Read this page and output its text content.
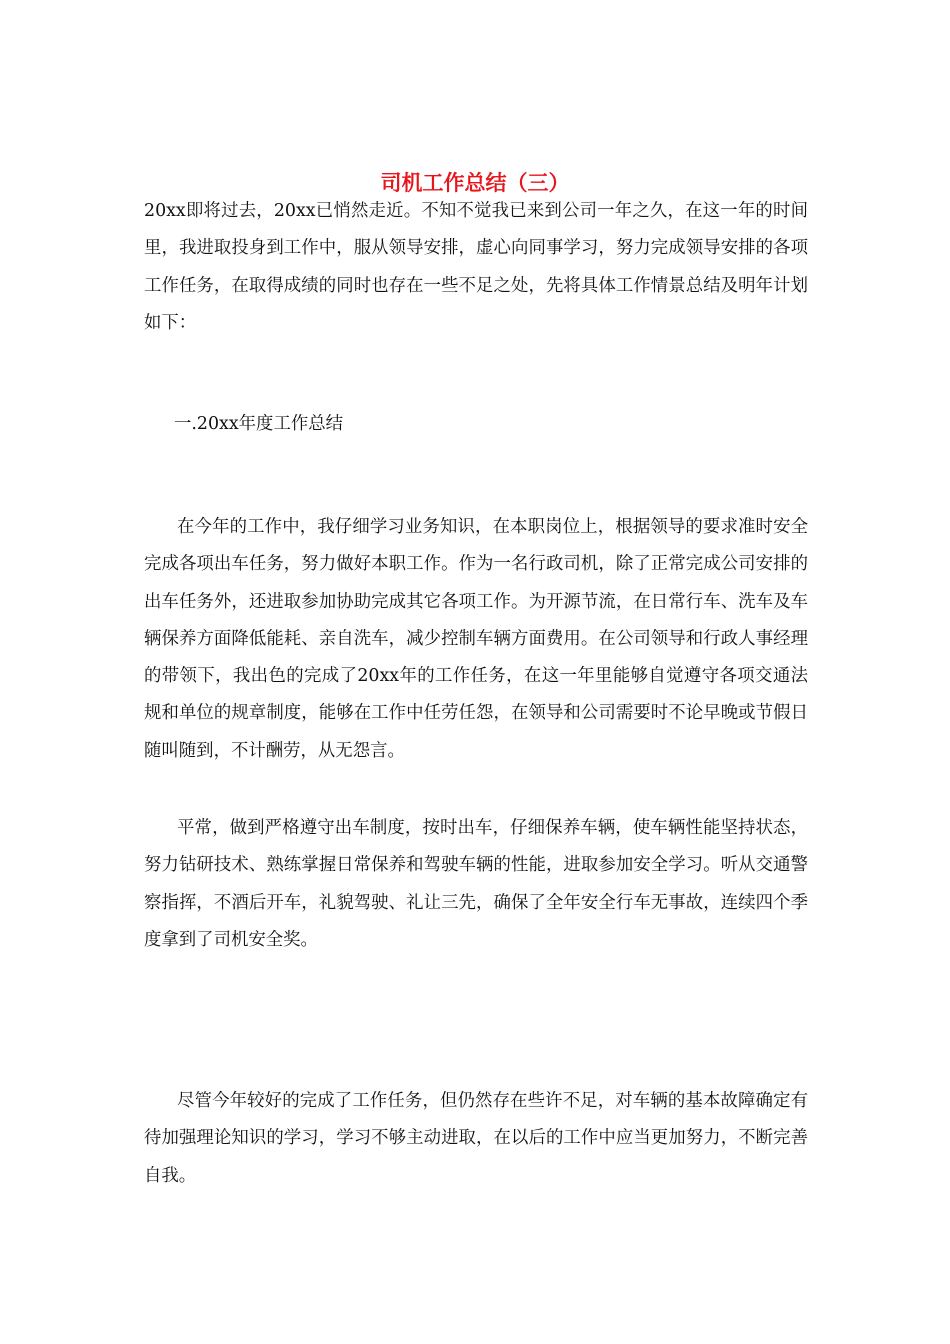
司机工作总结（三）

20xx即将过去，20xx已悄然走近。不知不觉我已来到公司一年之久，在这一年的时间里，我进取投身到工作中，服从领导安排，虚心向同事学习，努力完成领导安排的各项工作任务，在取得成绩的同时也存在一些不足之处，先将具体工作情景总结及明年计划如下：

一.20xx年度工作总结

在今年的工作中，我仔细学习业务知识，在本职岗位上，根据领导的要求准时安全完成各项出车任务，努力做好本职工作。作为一名行政司机，除了正常完成公司安排的出车任务外，还进取参加协助完成其它各项工作。为开源节流，在日常行车、洗车及车辆保养方面降低能耗、亲自洗车，减少控制车辆方面费用。在公司领导和行政人事经理的带领下，我出色的完成了20xx年的工作任务，在这一年里能够自觉遵守各项交通法规和单位的规章制度，能够在工作中任劳任怨，在领导和公司需要时不论早晚或节假日随叫随到，不计酬劳，从无怨言。

平常，做到严格遵守出车制度，按时出车，仔细保养车辆，使车辆性能坚持状态，努力钻研技术、熟练掌握日常保养和驾驶车辆的性能，进取参加安全学习。听从交通警察指挥，不酒后开车，礼貌驾驶、礼让三先，确保了全年安全行车无事故，连续四个季度拿到了司机安全奖。

尽管今年较好的完成了工作任务，但仍然存在些许不足，对车辆的基本故障确定有待加强理论知识的学习，学习不够主动进取，在以后的工作中应当更加努力，不断完善自我。
